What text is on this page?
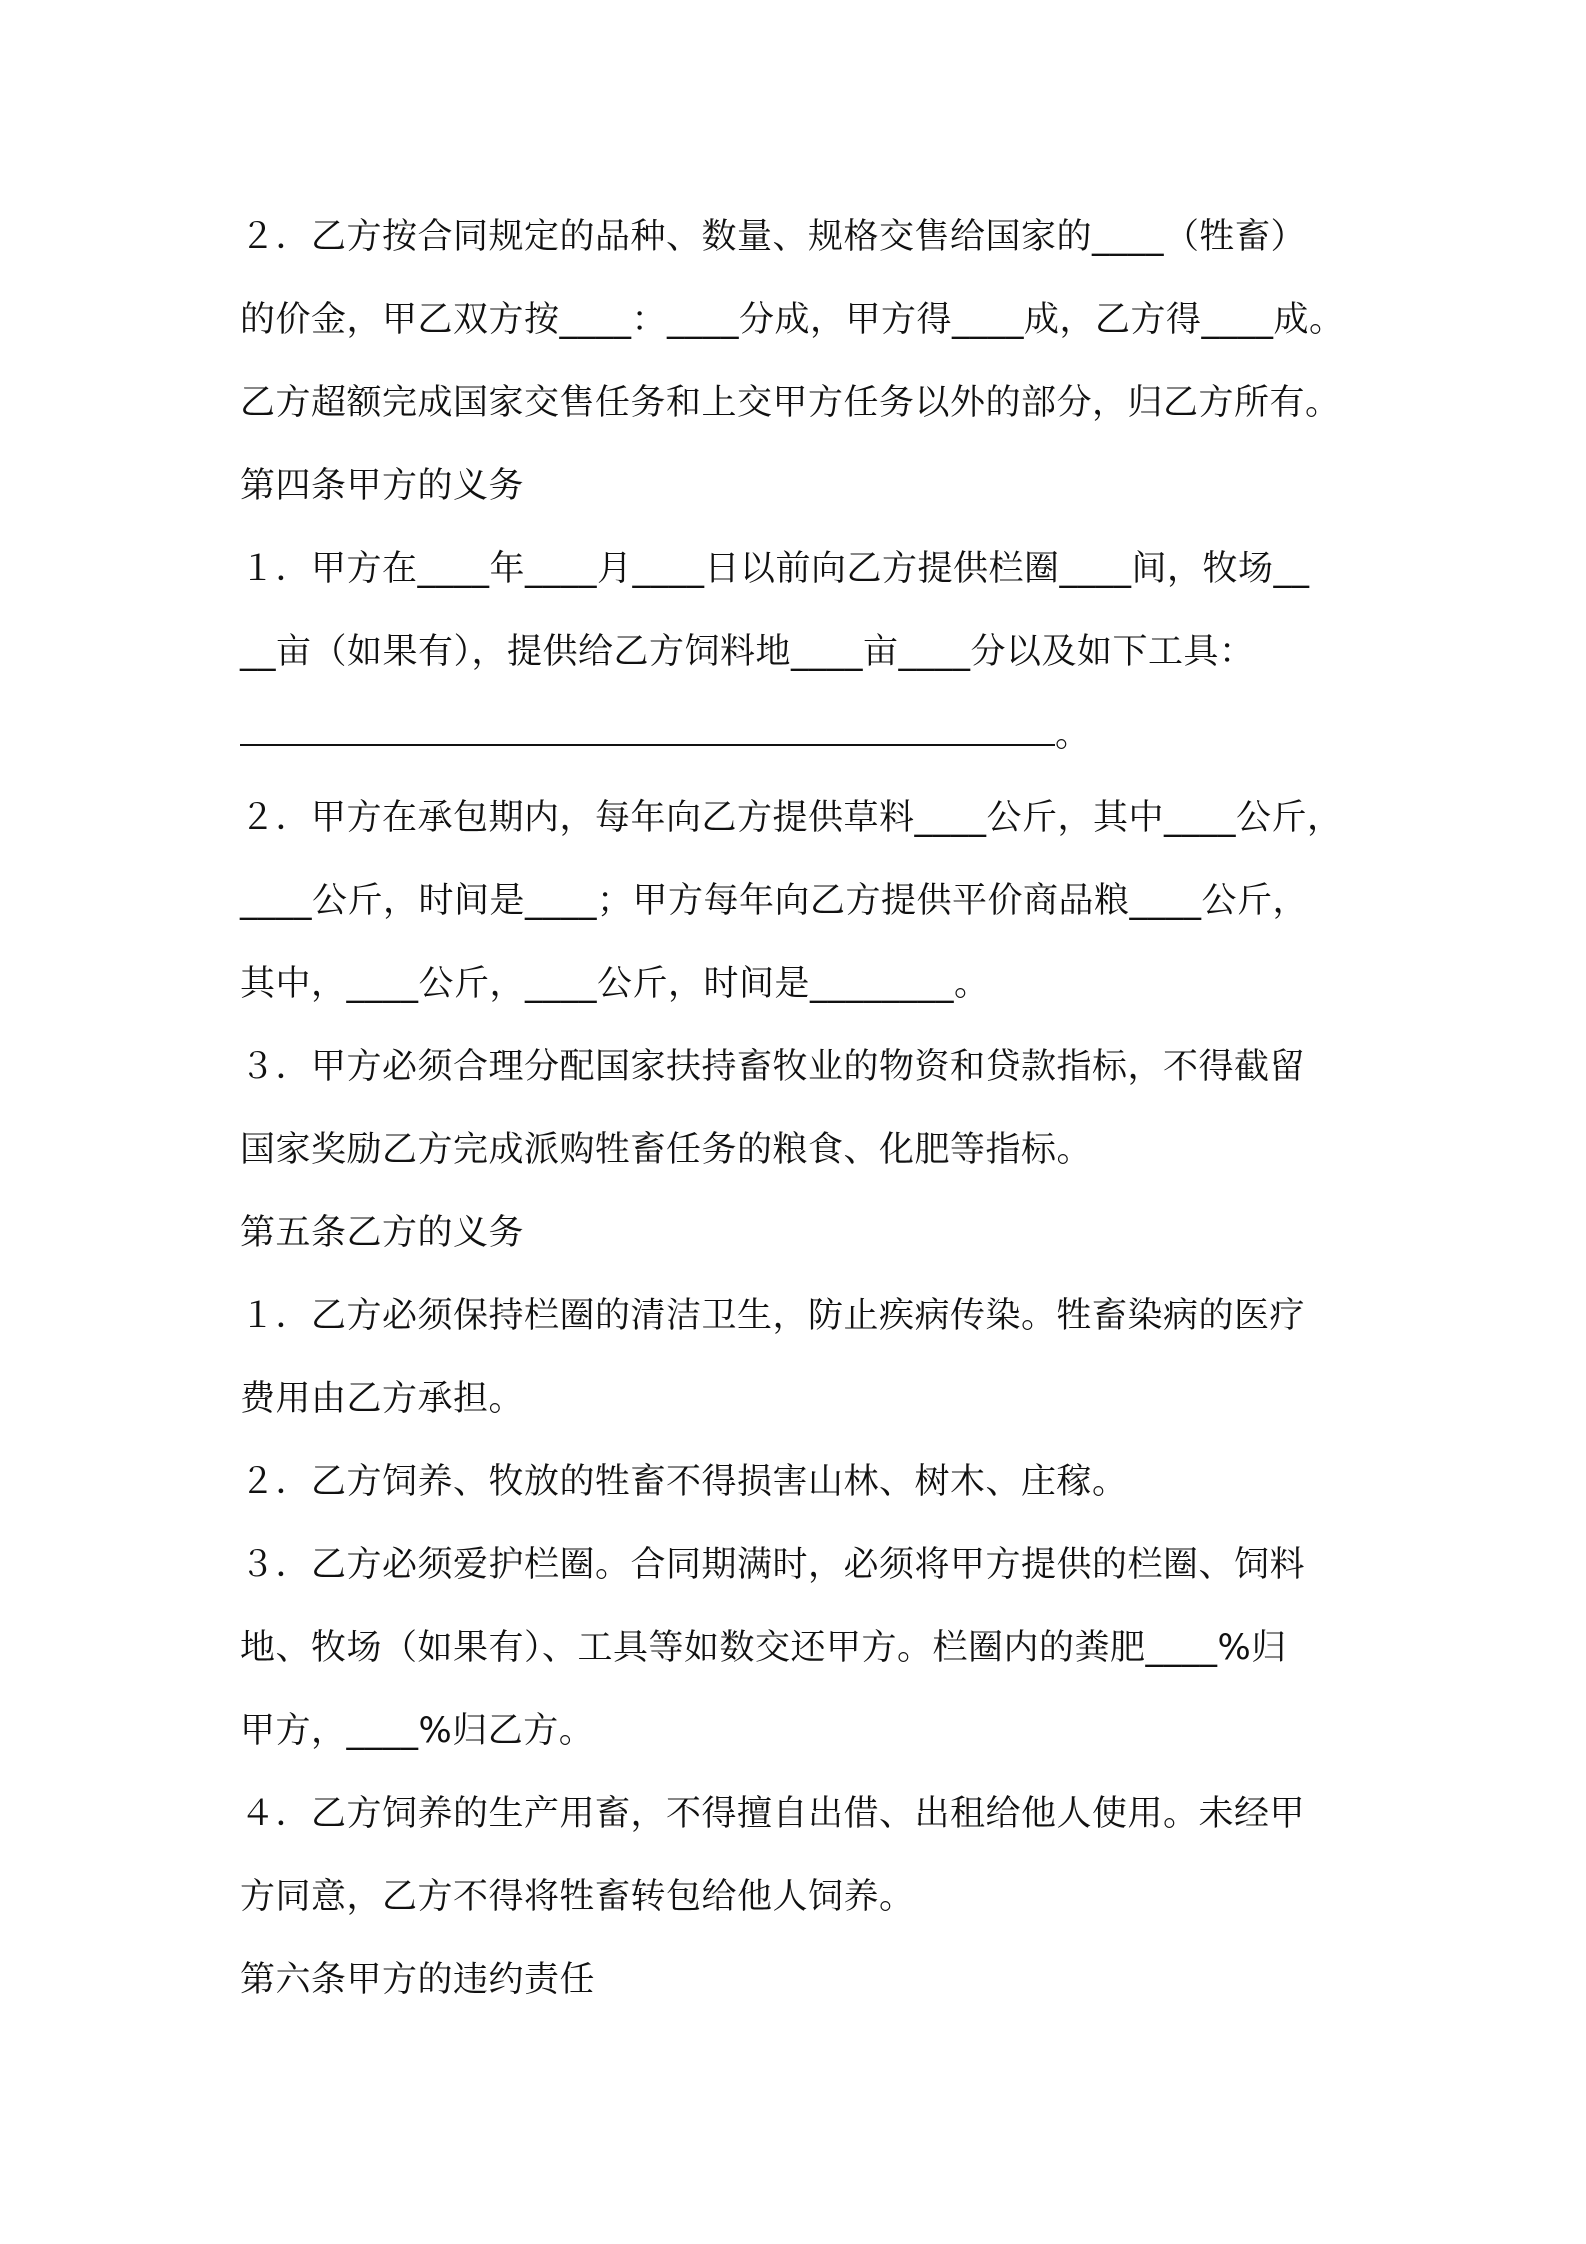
２．乙方按合同规定的品种、数量、规格交售给国家的____（牲畜）
的价金，甲乙双方按____：____分成，甲方得____成，乙方得____成。
乙方超额完成国家交售任务和上交甲方任务以外的部分，归乙方所有。
第四条甲方的义务
１．甲方在____年____月____日以前向乙方提供栏圈____间，牧场__
__亩（如果有），提供给乙方饲料地____亩____分以及如下工具：
。
２．甲方在承包期内，每年向乙方提供草料____公斤，其中____公斤，
____公斤，时间是____；甲方每年向乙方提供平价商品粮____公斤，
其中，____公斤，____公斤，时间是________。
３．甲方必须合理分配国家扶持畜牧业的物资和贷款指标，不得截留
国家奖励乙方完成派购牲畜任务的粮食、化肥等指标。
第五条乙方的义务
１．乙方必须保持栏圈的清洁卫生，防止疾病传染。牲畜染病的医疗
费用由乙方承担。
２．乙方饲养、牧放的牲畜不得损害山林、树木、庄稼。
３．乙方必须爱护栏圈。合同期满时，必须将甲方提供的栏圈、饲料
地、牧场（如果有）、工具等如数交还甲方。栏圈内的粪肥____%归
甲方，____%归乙方。
４．乙方饲养的生产用畜，不得擅自出借、出租给他人使用。未经甲
方同意，乙方不得将牲畜转包给他人饲养。
第六条甲方的违约责任
